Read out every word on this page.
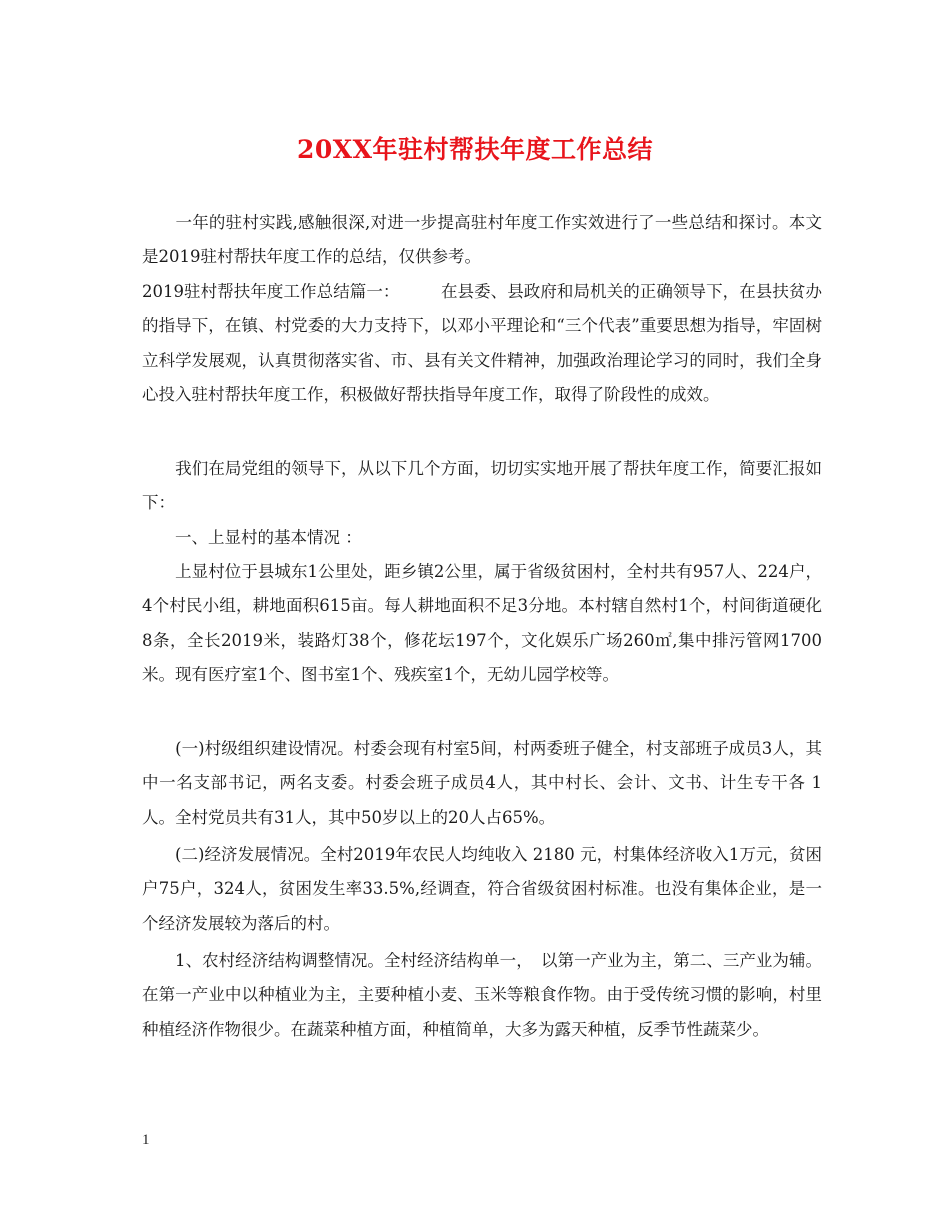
20XX年驻村帮扶年度工作总结

　　一年的驻村实践,感触很深,对进一步提高驻村年度工作实效进行了一些总结和探讨。本文是2019驻村帮扶年度工作的总结，仅供参考。

2019驻村帮扶年度工作总结篇一：　　　在县委、县政府和局机关的正确领导下，在县扶贫办的指导下，在镇、村党委的大力支持下，以邓小平理论和“三个代表”重要思想为指导，牢固树立科学发展观，认真贯彻落实省、市、县有关文件精神，加强政治理论学习的同时，我们全身心投入驻村帮扶年度工作，积极做好帮扶指导年度工作，取得了阶段性的成效。

　　我们在局党组的领导下，从以下几个方面，切切实实地开展了帮扶年度工作，简要汇报如下：

　　一、上显村的基本情况 ：

　　上显村位于县城东1公里处，距乡镇2公里，属于省级贫困村，全村共有957人、224户，4个村民小组，耕地面积615亩。每人耕地面积不足3分地。本村辖自然村1个，村间街道硬化8条，全长2019米，装路灯38个，修花坛197个，文化娱乐广场260㎡,集中排污管网1700米。现有医疗室1个、图书室1个、残疾室1个，无幼儿园学校等。

　　(一)村级组织建设情况。村委会现有村室5间，村两委班子健全，村支部班子成员3人，其中一名支部书记，两名支委。村委会班子成员4人，其中村长、会计、文书、计生专干各 1 人。全村党员共有31人，其中50岁以上的20人占65%。

　　(二)经济发展情况。全村2019年农民人均纯收入 2180 元，村集体经济收入1万元，贫困户75户，324人，贫困发生率33.5%,经调查，符合省级贫困村标准。也没有集体企业，是一个经济发展较为落后的村。

　　1、农村经济结构调整情况。全村经济结构单一，　以第一产业为主，第二、三产业为辅。在第一产业中以种植业为主，主要种植小麦、玉米等粮食作物。由于受传统习惯的影响，村里种植经济作物很少。在蔬菜种植方面，种植简单，大多为露天种植，反季节性蔬菜少。

1
